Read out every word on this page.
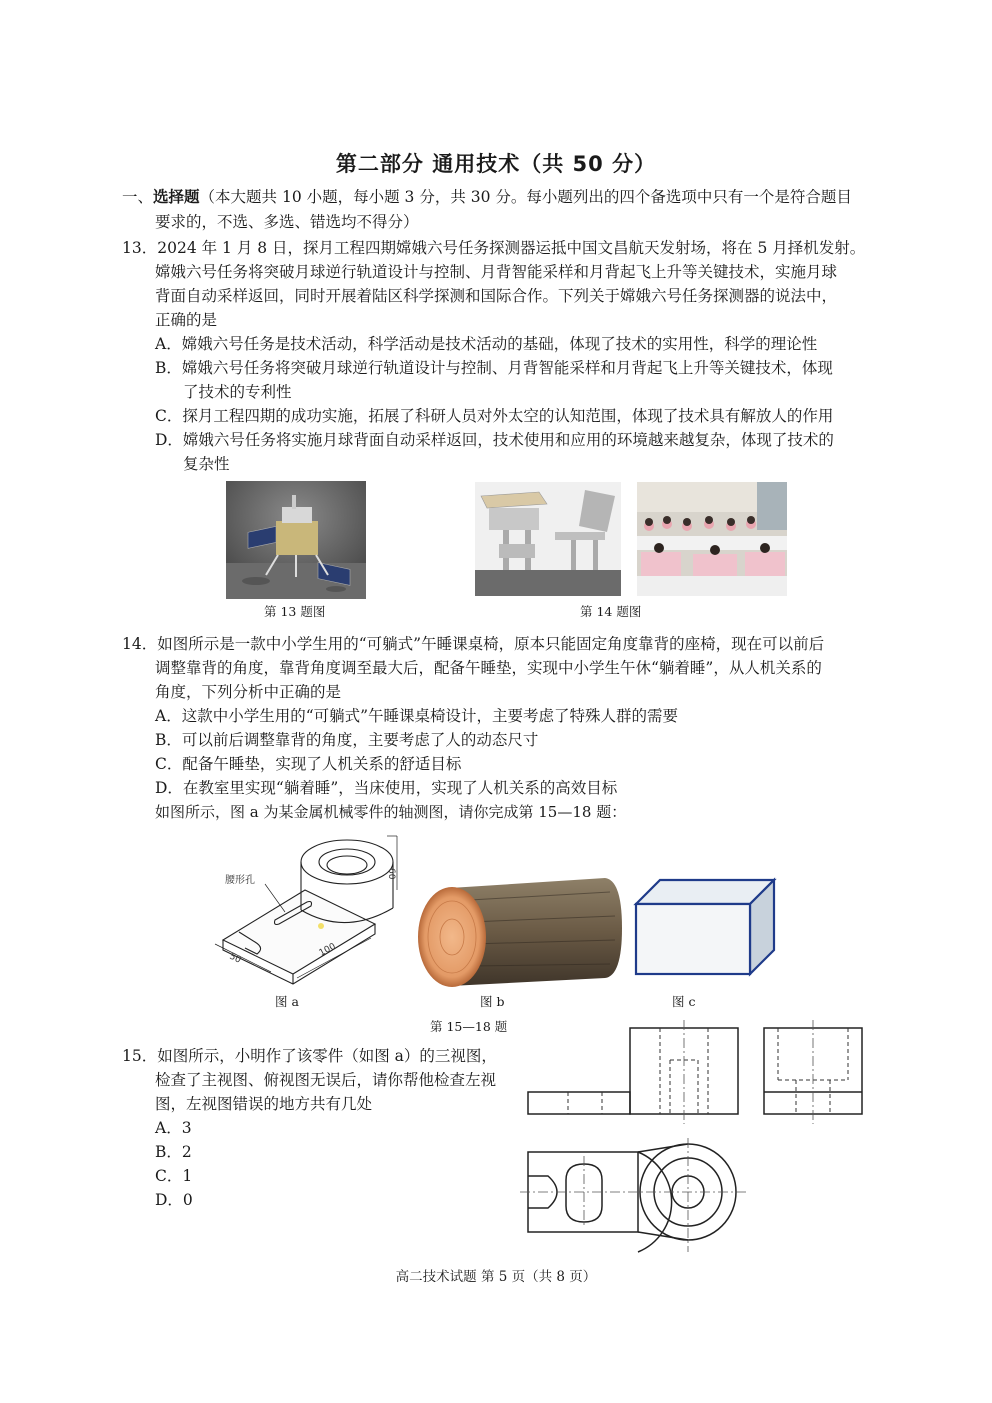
第二部分 通用技术（共 50 分）
一、选择题（本大题共 10 小题，每小题 3 分，共 30 分。每小题列出的四个备选项中只有一个是符合题目
要求的，不选、多选、错选均不得分）
13．2024 年 1 月 8 日，探月工程四期嫦娥六号任务探测器运抵中国文昌航天发射场，将在 5 月择机发射。
嫦娥六号任务将突破月球逆行轨道设计与控制、月背智能采样和月背起飞上升等关键技术，实施月球
背面自动采样返回，同时开展着陆区科学探测和国际合作。下列关于嫦娥六号任务探测器的说法中，
正确的是
A．嫦娥六号任务是技术活动，科学活动是技术活动的基础，体现了技术的实用性，科学的理论性
B．嫦娥六号任务将突破月球逆行轨道设计与控制、月背智能采样和月背起飞上升等关键技术，体现
了技术的专利性
C．探月工程四期的成功实施，拓展了科研人员对外太空的认知范围，体现了技术具有解放人的作用
D．嫦娥六号任务将实施月球背面自动采样返回，技术使用和应用的环境越来越复杂，体现了技术的
复杂性
第 13 题图	第 14 题图
14．如图所示是一款中小学生用的“可躺式”午睡课桌椅，原本只能固定角度靠背的座椅，现在可以前后
调整靠背的角度，靠背角度调至最大后，配备午睡垫，实现中小学生午休“躺着睡”，从人机关系的
角度，下列分析中正确的是
A．这款中小学生用的“可躺式”午睡课桌椅设计，主要考虑了特殊人群的需要
B．可以前后调整靠背的角度，主要考虑了人的动态尺寸
C．配备午睡垫，实现了人机关系的舒适目标
D．在教室里实现“躺着睡”，当床使用，实现了人机关系的高效目标
如图所示，图 a 为某金属机械零件的轴测图，请你完成第 15—18 题：
腰形孔
60
100
50
图 a	图 b	图 c
第 15—18 题
15．如图所示，小明作了该零件（如图 a）的三视图，
检查了主视图、俯视图无误后，请你帮他检查左视
图，左视图错误的地方共有几处
A．3
B．2
C．1
D．0
高二技术试题 第 5 页（共 8 页）
